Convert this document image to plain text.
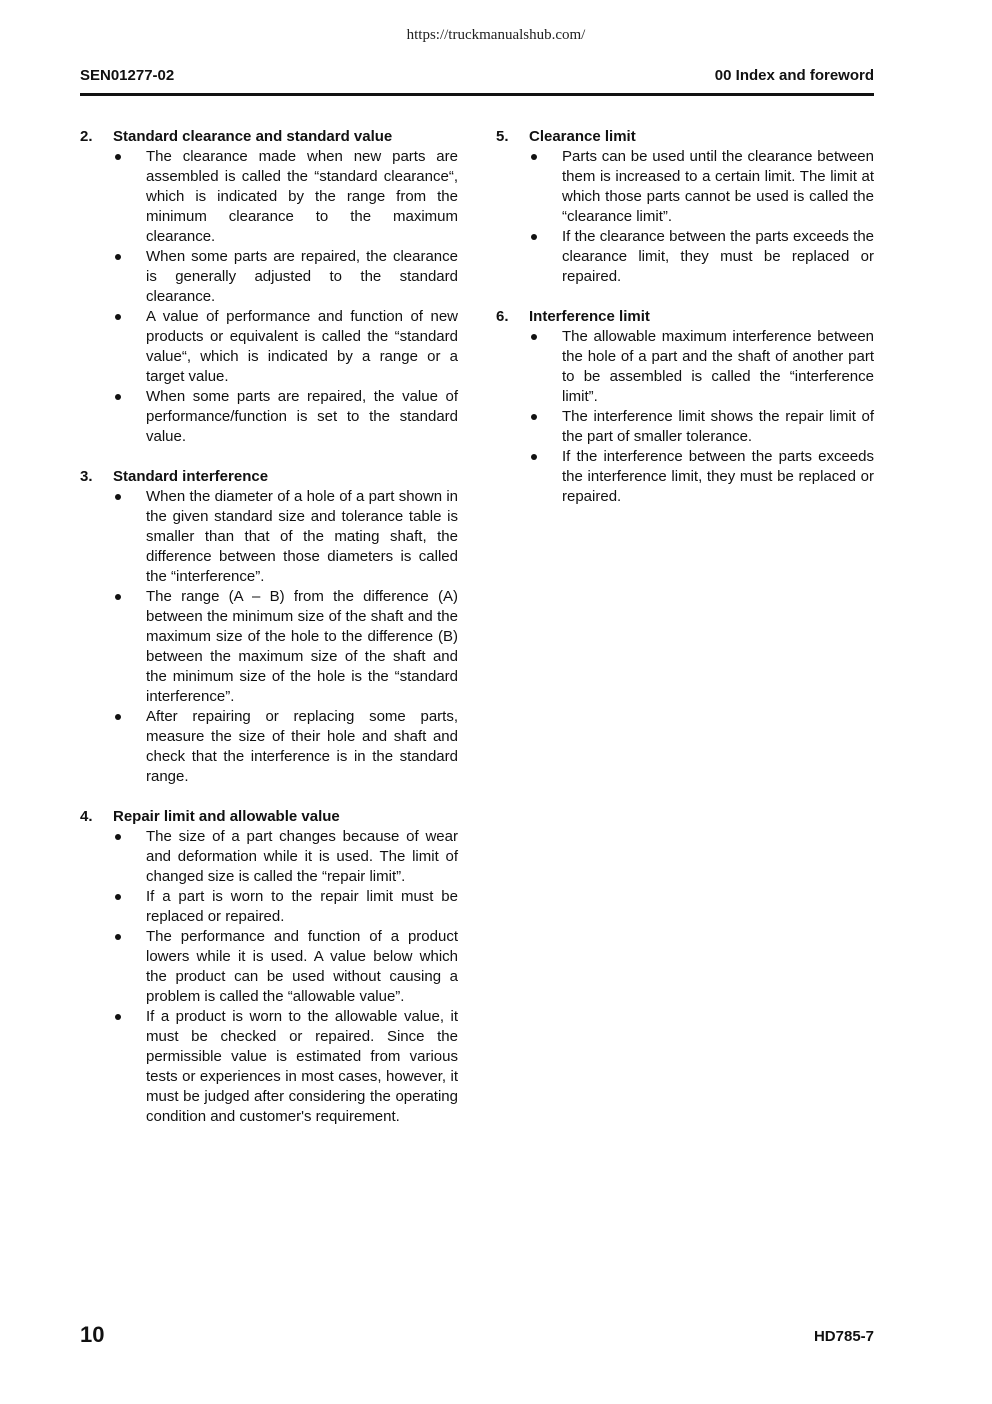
https://truckmanualshub.com/
SEN01277-02	00 Index and foreword
2.	Standard clearance and standard value
The clearance made when new parts are assembled is called the “standard clearance“, which is indicated by the range from the minimum clearance to the maximum clearance.
When some parts are repaired, the clearance is generally adjusted to the standard clearance.
A value of performance and function of new products or equivalent is called the “standard value“, which is indicated by a range or a target value.
When some parts are repaired, the value of performance/function is set to the standard value.
3.	Standard interference
When the diameter of a hole of a part shown in the given standard size and tolerance table is smaller than that of the mating shaft, the difference between those diameters is called the “interference”.
The range (A – B) from the difference (A) between the minimum size of the shaft and the maximum size of the hole to the difference (B) between the maximum size of the shaft and the minimum size of the hole is the “standard interference”.
After repairing or replacing some parts, measure the size of their hole and shaft and check that the interference is in the standard range.
4.	Repair limit and allowable value
The size of a part changes because of wear and deformation while it is used. The limit of changed size is called the “repair limit”.
If a part is worn to the repair limit must be replaced or repaired.
The performance and function of a product lowers while it is used. A value below which the product can be used without causing a problem is called the “allowable value”.
If a product is worn to the allowable value, it must be checked or repaired. Since the permissible value is estimated from various tests or experiences in most cases, however, it must be judged after considering the operating condition and customer's requirement.
5.	Clearance limit
Parts can be used until the clearance between them is increased to a certain limit. The limit at which those parts cannot be used is called the “clearance limit”.
If the clearance between the parts exceeds the clearance limit, they must be replaced or repaired.
6.	Interference limit
The allowable maximum interference between the hole of a part and the shaft of another part to be assembled is called the “interference limit”.
The interference limit shows the repair limit of the part of smaller tolerance.
If the interference between the parts exceeds the interference limit, they must be replaced or repaired.
10	HD785-7
